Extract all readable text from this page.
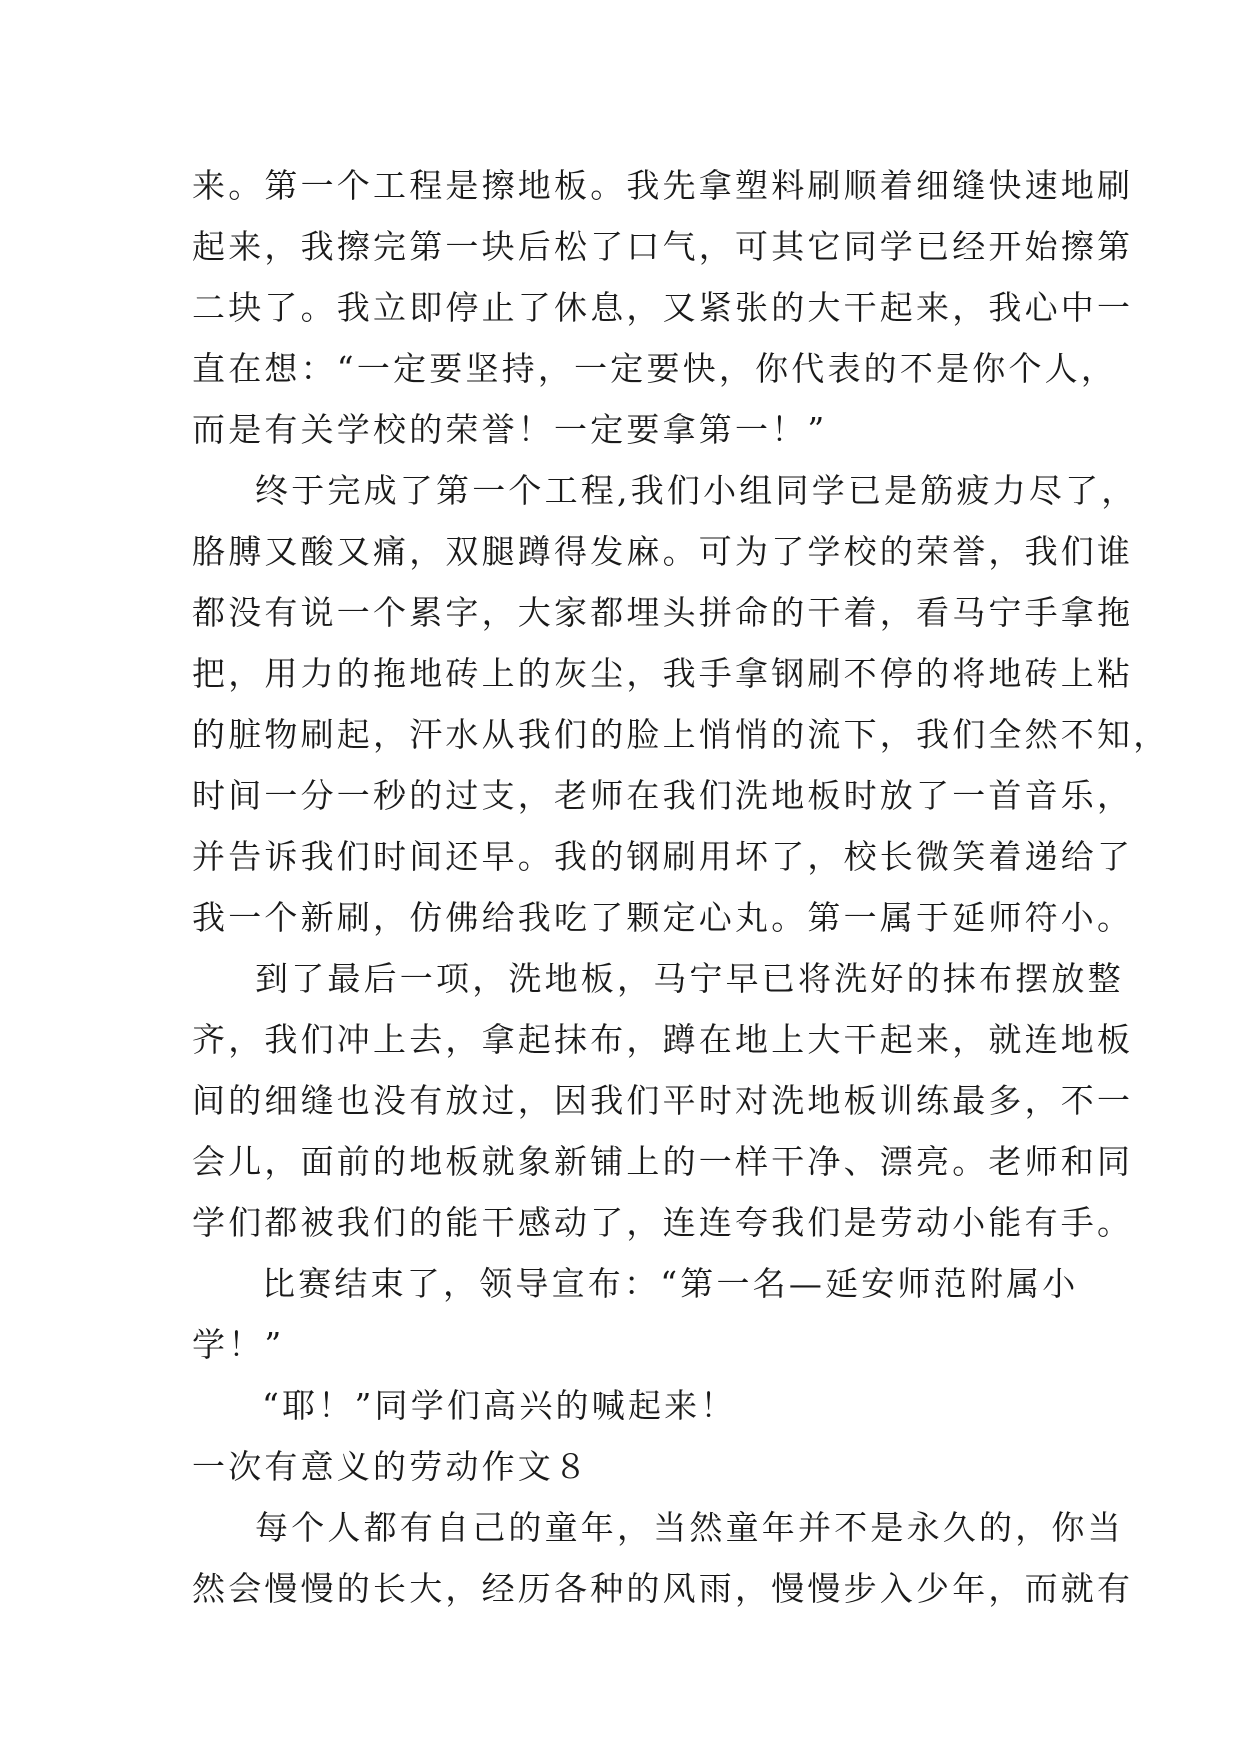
来。第一个工程是擦地板。我先拿塑料刷顺着细缝快速地刷
起来，我擦完第一块后松了口气，可其它同学已经开始擦第
二块了。我立即停止了休息，又紧张的大干起来，我心中一
直在想：“一定要坚持，一定要快，你代表的不是你个人，
而是有关学校的荣誉！一定要拿第一！”
终于完成了第一个工程,我们小组同学已是筋疲力尽了，
胳膊又酸又痛，双腿蹲得发麻。可为了学校的荣誉，我们谁
都没有说一个累字，大家都埋头拼命的干着，看马宁手拿拖
把，用力的拖地砖上的灰尘，我手拿钢刷不停的将地砖上粘
的脏物刷起，汗水从我们的脸上悄悄的流下，我们全然不知，
时间一分一秒的过支，老师在我们洗地板时放了一首音乐，
并告诉我们时间还早。我的钢刷用坏了，校长微笑着递给了
我一个新刷，仿佛给我吃了颗定心丸。第一属于延师符小。
到了最后一项，洗地板，马宁早已将洗好的抹布摆放整
齐，我们冲上去，拿起抹布，蹲在地上大干起来，就连地板
间的细缝也没有放过，因我们平时对洗地板训练最多，不一
会儿，面前的地板就象新铺上的一样干净、漂亮。老师和同
学们都被我们的能干感动了，连连夸我们是劳动小能有手。
比赛结束了，领导宣布：“第一名—延安师范附属小
学！”
“耶！”同学们高兴的喊起来！
一次有意义的劳动作文８
每个人都有自己的童年，当然童年并不是永久的，你当
然会慢慢的长大，经历各种的风雨，慢慢步入少年，而就有
